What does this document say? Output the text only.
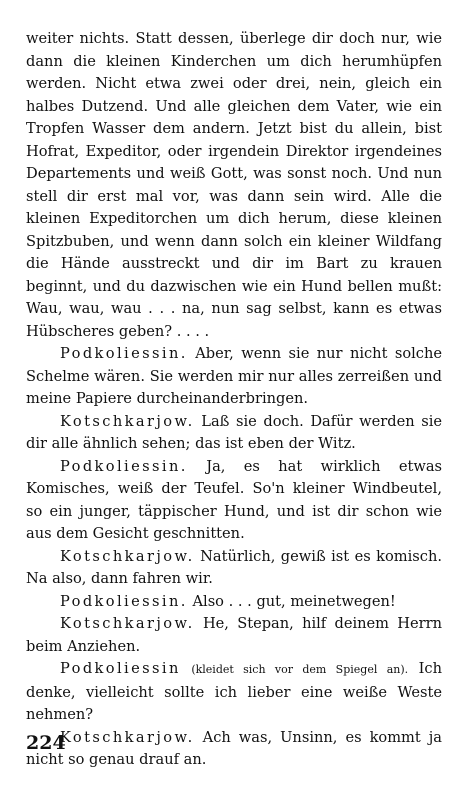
weiter nichts. Statt dessen, überlege dir doch nur, wie dann die kleinen Kinderchen um dich herumhüpfen werden. Nicht etwa zwei oder drei, nein, gleich ein halbes Dutzend. Und alle gleichen dem Vater, wie ein Tropfen Wasser dem andern. Jetzt bist du allein, bist Hofrat, Expeditor, oder irgendein Direktor irgendeines Departements und weiß Gott, was sonst noch. Und nun stell dir erst mal vor, was dann sein wird. Alle die kleinen Expeditorchen um dich herum, diese kleinen Spitzbuben, und wenn dann solch ein kleiner Wildfang die Hände ausstreckt und dir im Bart zu krauen beginnt, und du dazwischen wie ein Hund bellen mußt: Wau, wau, wau . . . na, nun sag selbst, kann es etwas Hübscheres geben? . . . .

Podkoliessin. Aber, wenn sie nur nicht solche Schelme wären. Sie werden mir nur alles zerreißen und meine Papiere durcheinanderbringen.

Kotschkarjow. Laß sie doch. Dafür werden sie dir alle ähnlich sehen; das ist eben der Witz.

Podkoliessin. Ja, es hat wirklich etwas Komisches, weiß der Teufel. So'n kleiner Windbeutel, so ein junger, täppischer Hund, und ist dir schon wie aus dem Gesicht geschnitten.

Kotschkarjow. Natürlich, gewiß ist es komisch. Na also, dann fahren wir.

Podkoliessin. Also . . . gut, meinetwegen!

Kotschkarjow. He, Stepan, hilf deinem Herrn beim Anziehen.

Podkoliessin (kleidet sich vor dem Spiegel an). Ich denke, vielleicht sollte ich lieber eine weiße Weste nehmen?

Kotschkarjow. Ach was, Unsinn, es kommt ja nicht so genau drauf an.

224
